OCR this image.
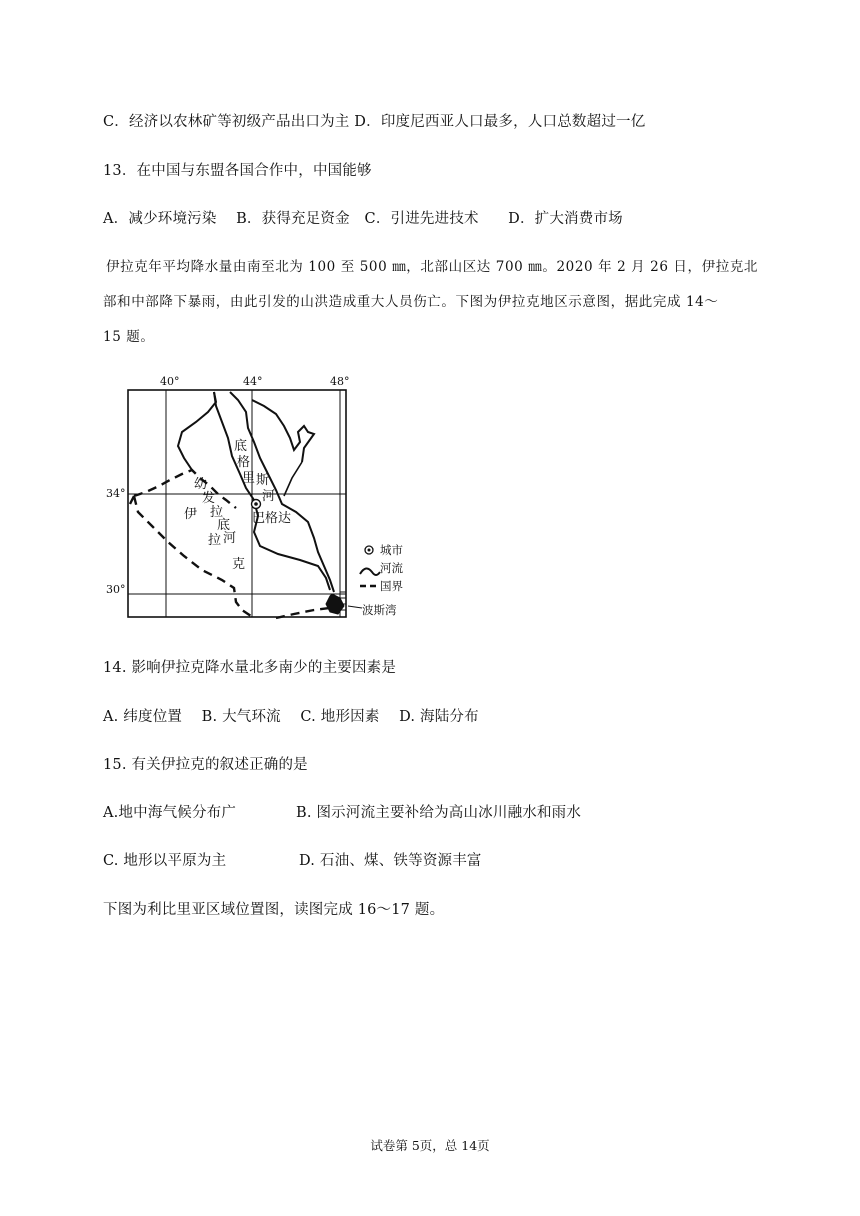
C．经济以农林矿等初级产品出口为主 D．印度尼西亚人口最多，人口总数超过一亿
13．在中国与东盟各国合作中，中国能够
A．减少环境污染　 B．获得充足资金　C．引进先进技术　　D．扩大消费市场
伊拉克年平均降水量由南至北为 100 至 500 ㎜，北部山区达 700 ㎜。2020 年 2 月 26 日，伊拉克北
部和中部降下暴雨，由此引发的山洪造成重大人员伤亡。下图为伊拉克地区示意图，据此完成 14～
15 题。
40°	44°	48°
34°
30°
底
格
里 斯
河
幼
发
拉
底
河
伊
拉
克
巴格达
城市
河流
国界
波斯湾
14. 影响伊拉克降水量北多南少的主要因素是
A. 纬度位置　 B. 大气环流　 C. 地形因素　 D. 海陆分布
15. 有关伊拉克的叙述正确的是
A.地中海气候分布广	B. 图示河流主要补给为高山冰川融水和雨水
C. 地形以平原为主	D. 石油、煤、铁等资源丰富
下图为利比里亚区域位置图，读图完成 16～17 题。
试卷第 5页，总 14页
